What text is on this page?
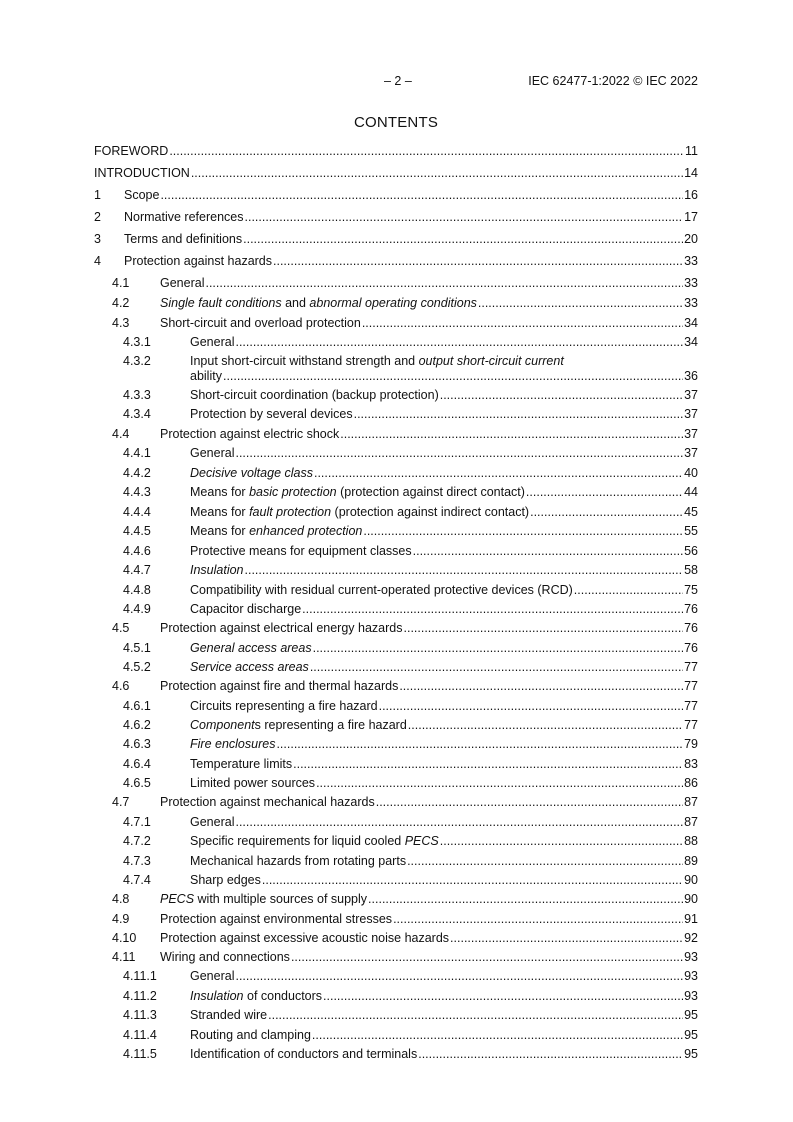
– 2 –	IEC 62477-1:2022 © IEC 2022
CONTENTS
FOREWORD .....	11
INTRODUCTION .....	14
1 Scope .....	16
2 Normative references .....	17
3 Terms and definitions .....	20
4 Protection against hazards .....	33
4.1 General .....	33
4.2 Single fault conditions and abnormal operating conditions .....	33
4.3 Short-circuit and overload protection .....	34
4.3.1	General .....	34
4.3.2	Input short-circuit withstand strength and output short-circuit current
ability .....	36
4.3.3	Short-circuit coordination (backup protection) .....	37
4.3.4	Protection by several devices .....	37
4.4 Protection against electric shock .....	37
4.4.1	General .....	37
4.4.2	Decisive voltage class .....	40
4.4.3	Means for basic protection (protection against direct contact) .....	44
4.4.4	Means for fault protection (protection against indirect contact) .....	45
4.4.5	Means for enhanced protection .....	55
4.4.6	Protective means for equipment classes .....	56
4.4.7	Insulation .....	58
4.4.8	Compatibility with residual current-operated protective devices (RCD) .....	75
4.4.9	Capacitor discharge .....	76
4.5 Protection against electrical energy hazards .....	76
4.5.1	General access areas .....	76
4.5.2	Service access areas .....	77
4.6 Protection against fire and thermal hazards .....	77
4.6.1	Circuits representing a fire hazard .....	77
4.6.2	Components representing a fire hazard .....	77
4.6.3	Fire enclosures .....	79
4.6.4	Temperature limits .....	83
4.6.5	Limited power sources .....	86
4.7 Protection against mechanical hazards .....	87
4.7.1	General .....	87
4.7.2	Specific requirements for liquid cooled PECS .....	88
4.7.3	Mechanical hazards from rotating parts .....	89
4.7.4	Sharp edges .....	90
4.8 PECS with multiple sources of supply .....	90
4.9 Protection against environmental stresses .....	91
4.10 Protection against excessive acoustic noise hazards .....	92
4.11 Wiring and connections .....	93
4.11.1	General .....	93
4.11.2	Insulation of conductors .....	93
4.11.3	Stranded wire .....	95
4.11.4	Routing and clamping .....	95
4.11.5	Identification of conductors and terminals .....	95
